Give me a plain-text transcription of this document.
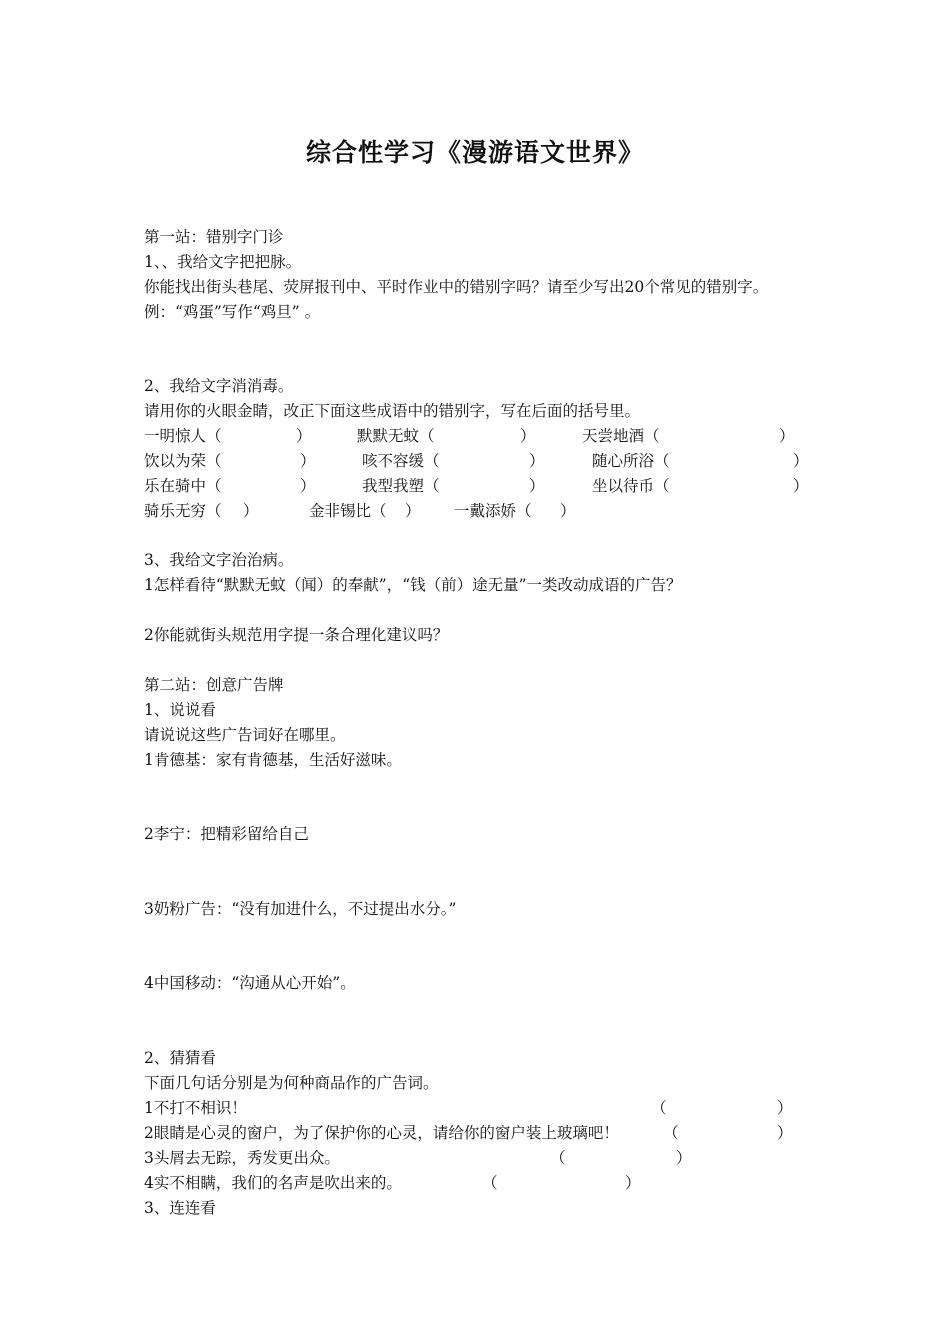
综合性学习《漫游语文世界》
第一站：错别字门诊
1、、我给文字把把脉。
你能找出街头巷尾、荧屏报刊中、平时作业中的错别字吗？请至少写出20个常见的错别字。
例：“鸡蛋”写作“鸡旦” 。
2、我给文字消消毒。
请用你的火眼金睛，改正下面这些成语中的错别字，写在后面的括号里。
一明惊人（	）	默默无蚊（	）	天尝地酒（	）
饮以为荣（	）	咳不容缓（	）	随心所浴（	）
乐在骑中（	）	我型我塑（	）	坐以待币（	）
骑乐无穷（ ）	金非锡比（ ） 一戴添娇（ ）
3、我给文字治治病。
1怎样看待“默默无蚊（闻）的奉献”，“钱（前）途无量”一类改动成语的广告？
2你能就街头规范用字提一条合理化建议吗？
第二站：创意广告牌
1、说说看
请说说这些广告词好在哪里。
1肯德基：家有肯德基，生活好滋味。
2李宁：把精彩留给自己
3奶粉广告：“没有加进什么，不过提出水分。”
4中国移动：“沟通从心开始”。
2、猜猜看
下面几句话分别是为何种商品作的广告词。
1不打不相识！	（	）
2眼睛是心灵的窗户，为了保护你的心灵，请给你的窗户装上玻璃吧！	（	）
3头屑去无踪，秀发更出众。	（	）
4实不相瞒，我们的名声是吹出来的。	（	）
3、连连看
